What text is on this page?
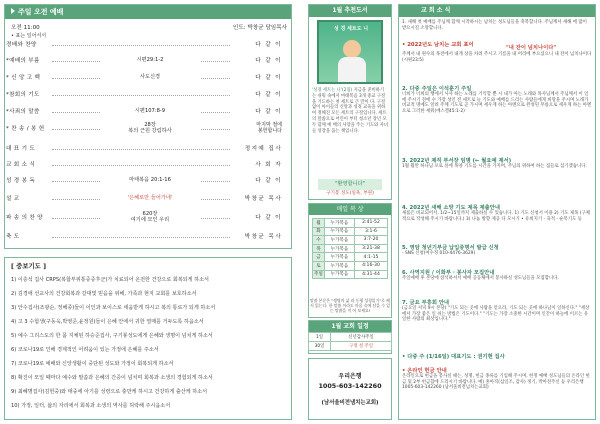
주일 오전 예배
오전 11:00	인도: 박창균 담임목사
• 표는 일어서서
경배와 찬양	다 같 이
*예배의 부름	시편29:1-2	다 같 이
* 신 앙 고 백	사도신경	다 같 이
*참회의 기도	다 같 이
*사죄의 말씀	시편107:8-9	다 같 이
* 찬 송 / 봉 헌
28장
복의 근원 강림하사
마지막 절에
봉헌합니다
대 표 기 도	정지예 집사
교 회 소 식	사 회 자
성 경 봉 독	마태복음 20:1-16	다 같 이
설 교	'은혜로만 들어가네'	박창균 목사
파 송 의 찬 양
620장
여기에 모인 우리	다 같 이
축 도	박창균 목사
[ 중보기도 ]
1) 이층석 집사 CRPS(복합부위통증증후군)가 치료되어 온전한 건강으로 회복되게 하소서
2) 김경애 선교사의 건강회복과 갈대빛 믿음을 위해, 가족과 현지 교회를 보호하소서
3) 안수집사(조광순, 정해종)들이 이인과 보이스로 세움받게 하시고 복의 통로가 되게 하소서
4) 고 3 수험생(구동욱,박영준,윤정원)들이 은혜 안에서 귀한 열매를 거두도록 하옵소서
5) 예수 그리스도의 한 몸 지체된 하승준집사, 구기봉성도에게 은혜와 생명이 넘치게 하소서
6) 코로나19로 인해 경제적인 어려움이 있는 가정에 은혜를 주소서
7) 코로나19로 예배와 신앙생활이 중단된 성도와 가정이 회복되게 하소서
8) 확진이 모일 때마다 예수와 말씀과 은혜의 간증이 넘치며 회복과 소생의 경험되게 하소서
9) 최혜명집사(김헌중)와 태중에 아기를 성령으로 충만케 하시고 건강하게 출산케 하소서
10) 가정, 일터, 삶의 자리에서 회복과 소생의 역사를 허락해 주시옵소서
1월 추천도서
성 경 세트도 니
'성경 세트는 니'(2집) 지금을 준비하기는 쉬워 속에서 마태복음 3개 중교 구절을 기도하는 첫 세트로 큰 만이 다. 구절 없이 아이들의 신앙과 성경 교육을 위하여 정해진 모든 세트의 구절입니다. 세트의 말씀으로 어린이 부터 청소년 장년 모두 함께 예 배의 사랑을 주는 기도와 자녀들 성장을 돕는 책입니다.
"환영합니다"
구기봉 성도(일욕, 부원)
매일 복 상
월	누가복음	2:41-52
화	누가복음	3:1-6
수	누가복음	3:7-20
목	누가복음	3:21-38
금	누가복음	4:1-15
토	누가복음	4:16-30
주일	누가복음	4:31-44
말씀 본문은 "생명의 삶 과 동행 성경읽기"로 해서 읽는다. 한 말씀 이라도 마음 속에 담을 수 있는 말씀을 적 어 보세요!
1월 교회 일정
1일	신년감사주일
30일	구정 설 주일
우리은행
1005-603-142260
(남서울비전냄치는교회)
교 회 소 식
1. 새해 첫 예배를 주님께 함께 시작하시는 남치는 성도님들을 축복합니다. 주님께서 새해 에 많이 받으시길 소망합니다.
• 2022년도 남치는 교회 표어	"내 잔이 넘치나이다"
주께서 내 원수의 목전에서 내게 상을 차려 주시고 기름을 내 머리에 부으셨으니 내 잔이 넘치나이다 (시편23:5)
2. 다중 주일은 이석훈기 주일
너희가 너희의 행에서 사사 하는 노래를 기억할 뿐 시 내가 아는 노래와 목사님께서 주님께서 이 일에 주시기 전에 수 가장 성인 전 세트로 늘 기도와 예배를 드리는 사람들에게 희망을 주시며 노래가 비교적 명예도 알려 주께 기도로 곧 가시며 세우게 하는 아멘으로 완성된 무릎으로 세우게 하는 아멘으로 그러한 세워(에스겔45:1-2)
3. 2022년 제직 부서장 임명 (← 월요예 제서)
1월 월만 하나님 포로 실에 목양 기도를 시간을 가지며, 주님의 위하여 하는 집들로 섬기겠습니다.
4. 2022년 새해 소망 기도 제목 제출안내
새롭은 비교되어서, 1/2~15일까지 제출하실 수 있습니다. 1) 기도 신청서 이용 2) 기도 제목 (구체적으로 작성해 주시기 바랍니다.) 3) 나눔 방향 제공 다 모시기 • 유희지기 - 육적 - 순복기도 등
5. 영암 청년기부금 납입증명서 발급 신청
- SNS 신청(여수정 010-4476-3629)
6. 사역지원 / 이화부 · 봉사자 모집안내
주일예배 후 본당에 참석하셔서 예배 공동체에서 봉사하실 성도님들을 모집합니다.
7. 금요 부흥회 안내
(금요일 저녁 9시 본당) "기도 되는 곳에 사람을 얻으라, 기도 되는 곳에 하나님이 일하신다." "세상에서 가장 좋은 일 쉬는 방법은 기도이다." "기도는 가장 소중한 시간이며 인간이 하늘에 이르는 유일한 사람의 최상입니다."
• 다중 주 (1/16일) 대표기도 : 권기현 집사
• 온라인 헌금 안내
온라인으로 헌금을 봉사실 때는, 성명, 헌금 종류를 기입해 주시며, 헌정 예배 성도님들의 온라인 헌금 및 2부 헌금함에 드리시기 바랍니다. 예) 홍아직(십일조, 감사) 정기, 박아전주신 등 우리은행 1005-603-142260 (남서울비전넘치는교회)
